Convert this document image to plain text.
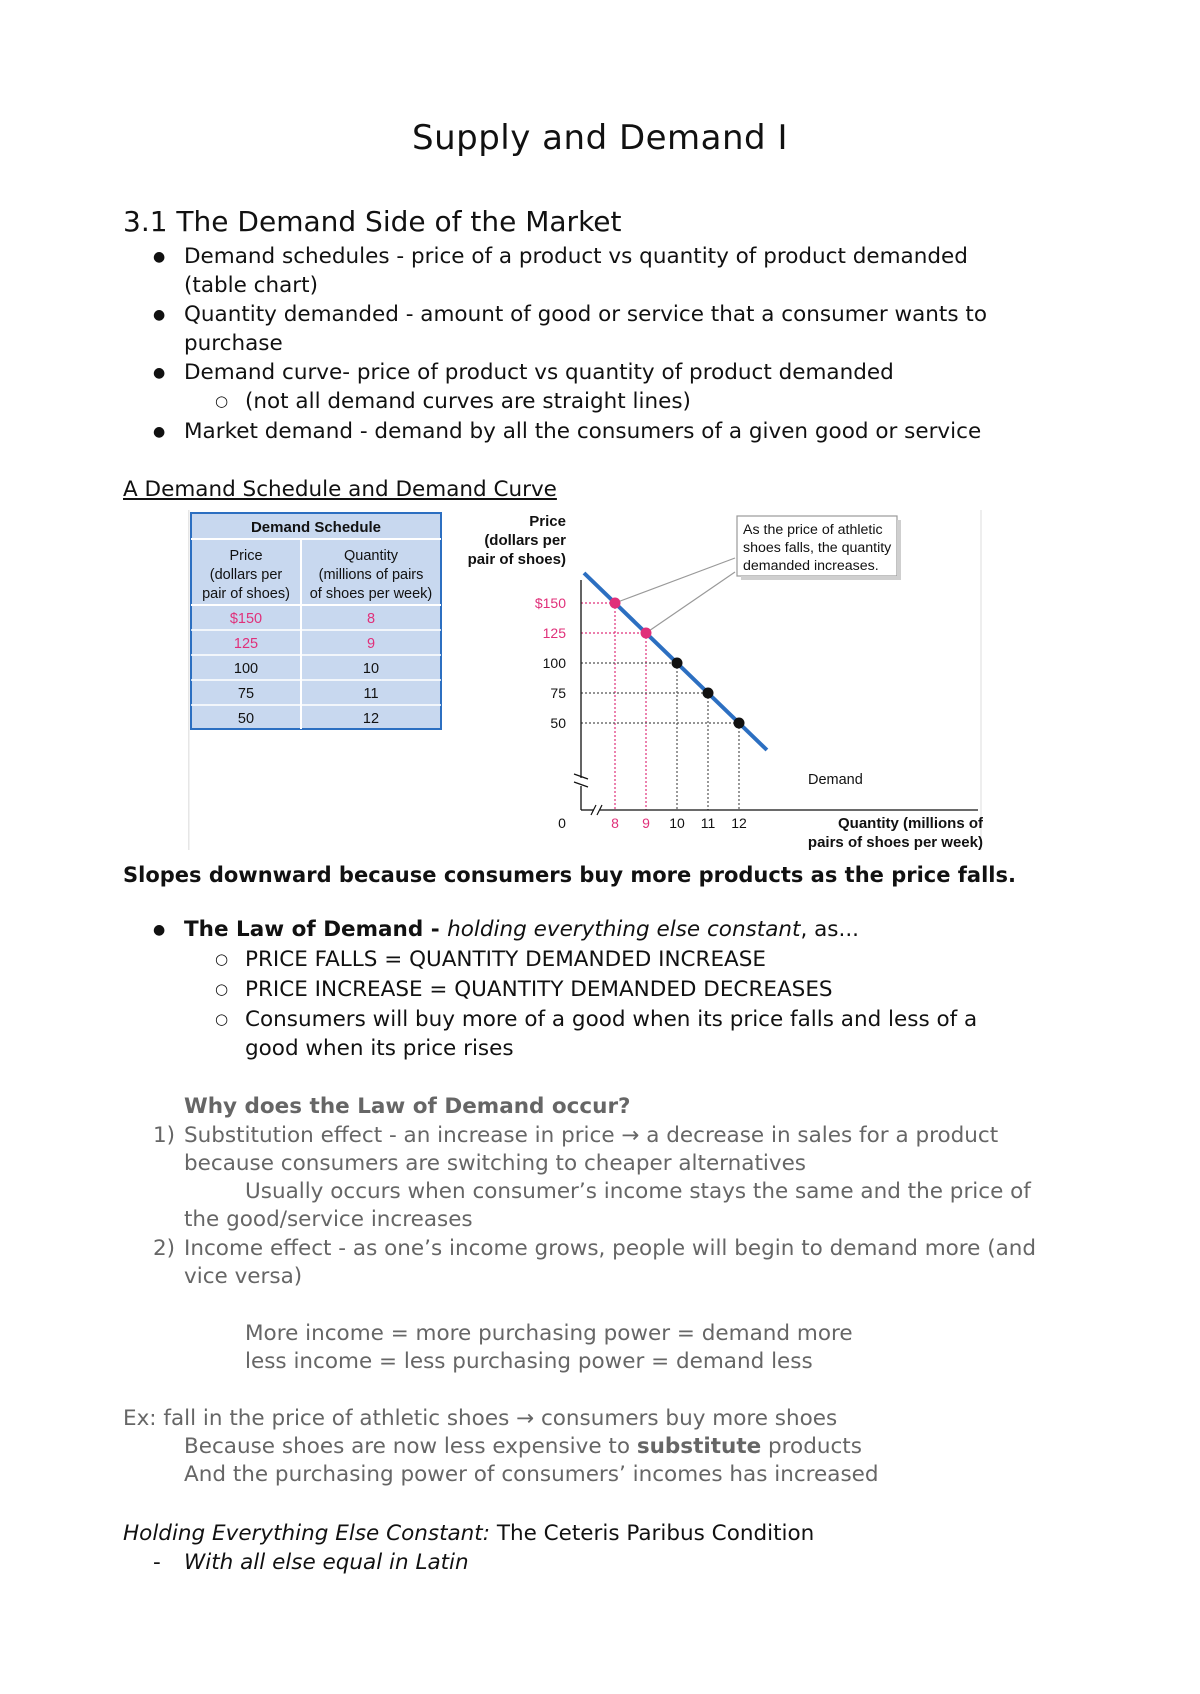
Supply and Demand I
3.1 The Demand Side of the Market
● Demand schedules - price of a product vs quantity of product demanded
(table chart)
● Quantity demanded - amount of good or service that a consumer wants to
purchase
● Demand curve- price of product vs quantity of product demanded
○ (not all demand curves are straight lines)
● Market demand - demand by all the consumers of a given good or service
A Demand Schedule and Demand Curve
Demand Schedule
Price
(dollars per
pair of shoes)
Quantity
(millions of pairs
of shoes per week)
$150	8
125	9
100	10
75	11
50	12
Price
(dollars per
pair of shoes)
Quantity (millions of
pairs of shoes per week)
0
Demand
As the price of athletic
shoes falls, the quantity
demanded increases.
8 9 10 11 12
$150
125
100
75
50
Slopes downward because consumers buy more products as the price falls.
● The Law of Demand - holding everything else constant, as...
○ PRICE FALLS = QUANTITY DEMANDED INCREASE
○ PRICE INCREASE = QUANTITY DEMANDED DECREASES
○ Consumers will buy more of a good when its price falls and less of a
good when its price rises
Why does the Law of Demand occur?
1) Substitution effect - an increase in price → a decrease in sales for a product
because consumers are switching to cheaper alternatives
Usually occurs when consumer’s income stays the same and the price of
the good/service increases
2) Income effect - as one’s income grows, people will begin to demand more (and
vice versa)
More income = more purchasing power = demand more
less income = less purchasing power = demand less
Ex: fall in the price of athletic shoes → consumers buy more shoes
Because shoes are now less expensive to substitute products
And the purchasing power of consumers’ incomes has increased
Holding Everything Else Constant: The Ceteris Paribus Condition
- With all else equal in Latin
